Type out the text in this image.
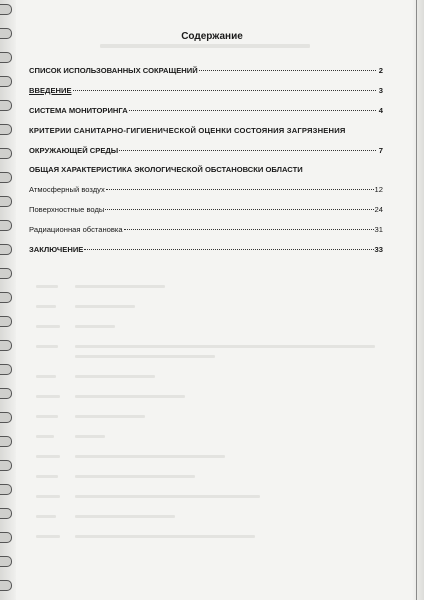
Содержание
СПИСОК ИСПОЛЬЗОВАННЫХ СОКРАЩЕНИЙ	2
ВВЕДЕНИЕ	3
СИСТЕМА МОНИТОРИНГА	4
КРИТЕРИИ САНИТАРНО-ГИГИЕНИЧЕСКОЙ ОЦЕНКИ СОСТОЯНИЯ ЗАГРЯЗНЕНИЯ
ОКРУЖАЮЩЕЙ СРЕДЫ	7
ОБЩАЯ ХАРАКТЕРИСТИКА ЭКОЛОГИЧЕСКОЙ ОБСТАНОВСКИ ОБЛАСТИ
Атмосферный воздух	12
Поверхностные воды	24
Радиационная обстановка	31
ЗАКЛЮЧЕНИЕ	33
